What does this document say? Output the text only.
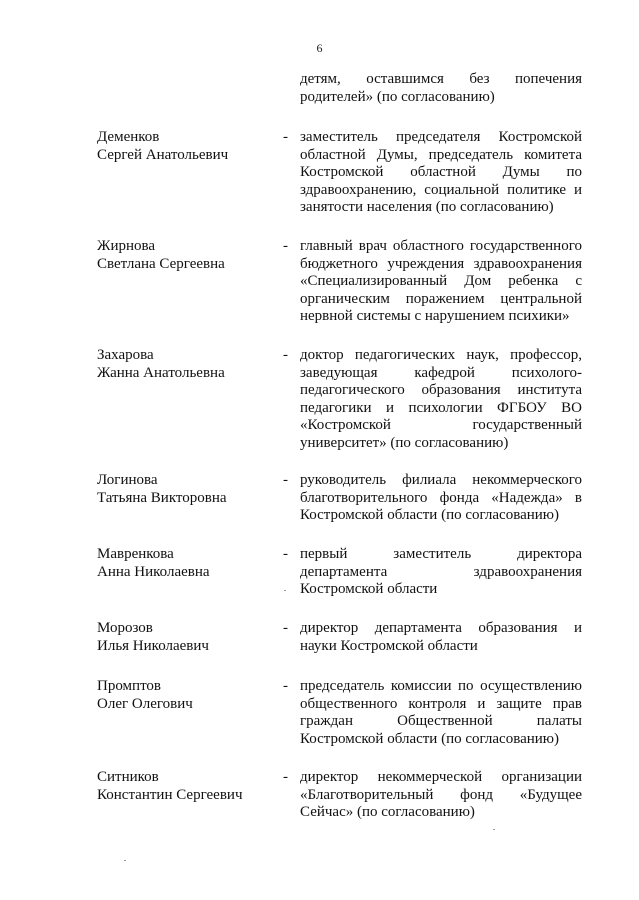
6
детям, оставшимся без попечения
родителей» (по согласованию)
Деменков
Сергей Анатольевич
- заместитель председателя Костромской
областной Думы, председатель комитета
Костромской областной Думы по
здравоохранению, социальной политике и
занятости населения (по согласованию)
Жирнова
Светлана Сергеевна
- главный врач областного государственного
бюджетного учреждения здравоохранения
«Специализированный Дом ребенка с
органическим поражением центральной
нервной системы с нарушением психики»
Захарова
Жанна Анатольевна
- доктор педагогических наук, профессор,
заведующая кафедрой психолого-
педагогического образования института
педагогики и психологии ФГБОУ ВО
«Костромской государственный
университет» (по согласованию)
Логинова
Татьяна Викторовна
- руководитель филиала некоммерческого
благотворительного фонда «Надежда» в
Костромской области (по согласованию)
Мавренкова
Анна Николаевна
- первый заместитель директора
департамента здравоохранения
Костромской области
Морозов
Илья Николаевич
- директор департамента образования и
науки Костромской области
Промптов
Олег Олегович
- председатель комиссии по осуществлению
общественного контроля и защите прав
граждан Общественной палаты
Костромской области (по согласованию)
Ситников
Константин Сергеевич
- директор некоммерческой организации
«Благотворительный фонд «Будущее
Сейчас» (по согласованию)
